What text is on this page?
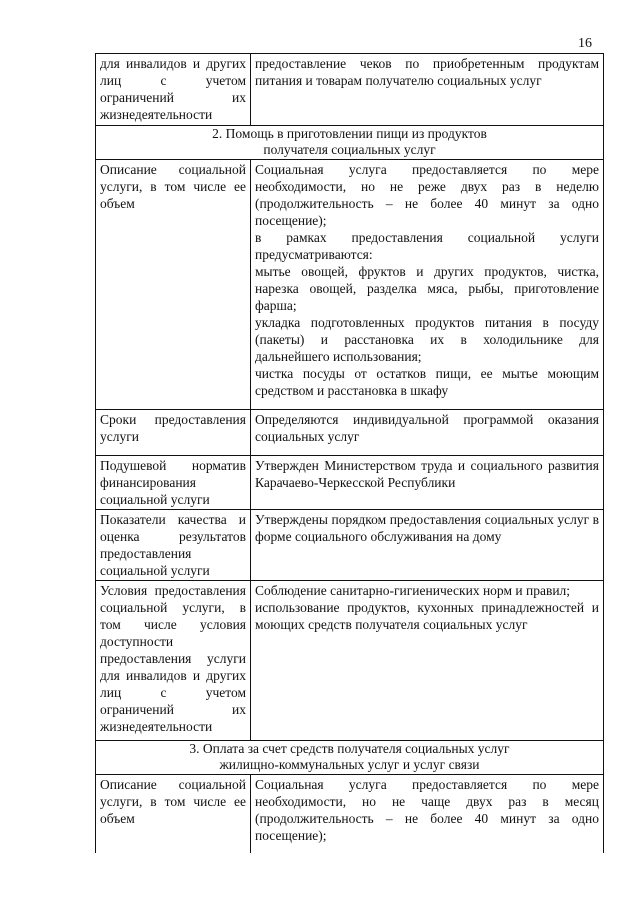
16
для инвалидов и других лиц с учетом ограничений их жизнедеятельности	предоставление чеков по приобретенным продуктам питания и товарам получателю социальных услуг

2. Помощь в приготовлении пищи из продуктов
получателя социальных услуг	

Описание социальной услуги, в том числе ее объем	Социальная услуга предоставляется по мере необходимости, но не реже двух раз в неделю (продолжительность – не более 40 минут за одно посещение);
в рамках предоставления социальной услуги предусматриваются:
мытье овощей, фруктов и других продуктов, чистка, нарезка овощей, разделка мяса, рыбы, приготовление фарша;
укладка подготовленных продуктов питания в посуду (пакеты) и расстановка их в холодильнике для дальнейшего использования;
чистка посуды от остатков пищи, ее мытье моющим средством и расстановка в шкафу

Сроки предоставления услуги	Определяются индивидуальной программой оказания социальных услуг

Подушевой норматив финансирования социальной услуги	Утвержден Министерством труда и социального развития Карачаево-Черкесской Республики

Показатели качества и оценка результатов предоставления социальной услуги	Утверждены порядком предоставления социальных услуг в форме социального обслуживания на дому

Условия предоставления социальной услуги, в том числе условия доступности предоставления услуги для инвалидов и других лиц с учетом ограничений их жизнедеятельности	Соблюдение санитарно-гигиенических норм и правил;
использование продуктов, кухонных принадлежностей и моющих средств получателя социальных услуг

3. Оплата за счет средств получателя социальных услуг
жилищно-коммунальных услуг и услуг связи	

Описание социальной услуги, в том числе ее объем	Социальная услуга предоставляется по мере необходимости, но не чаще двух раз в месяц (продолжительность – не более 40 минут за одно посещение);
